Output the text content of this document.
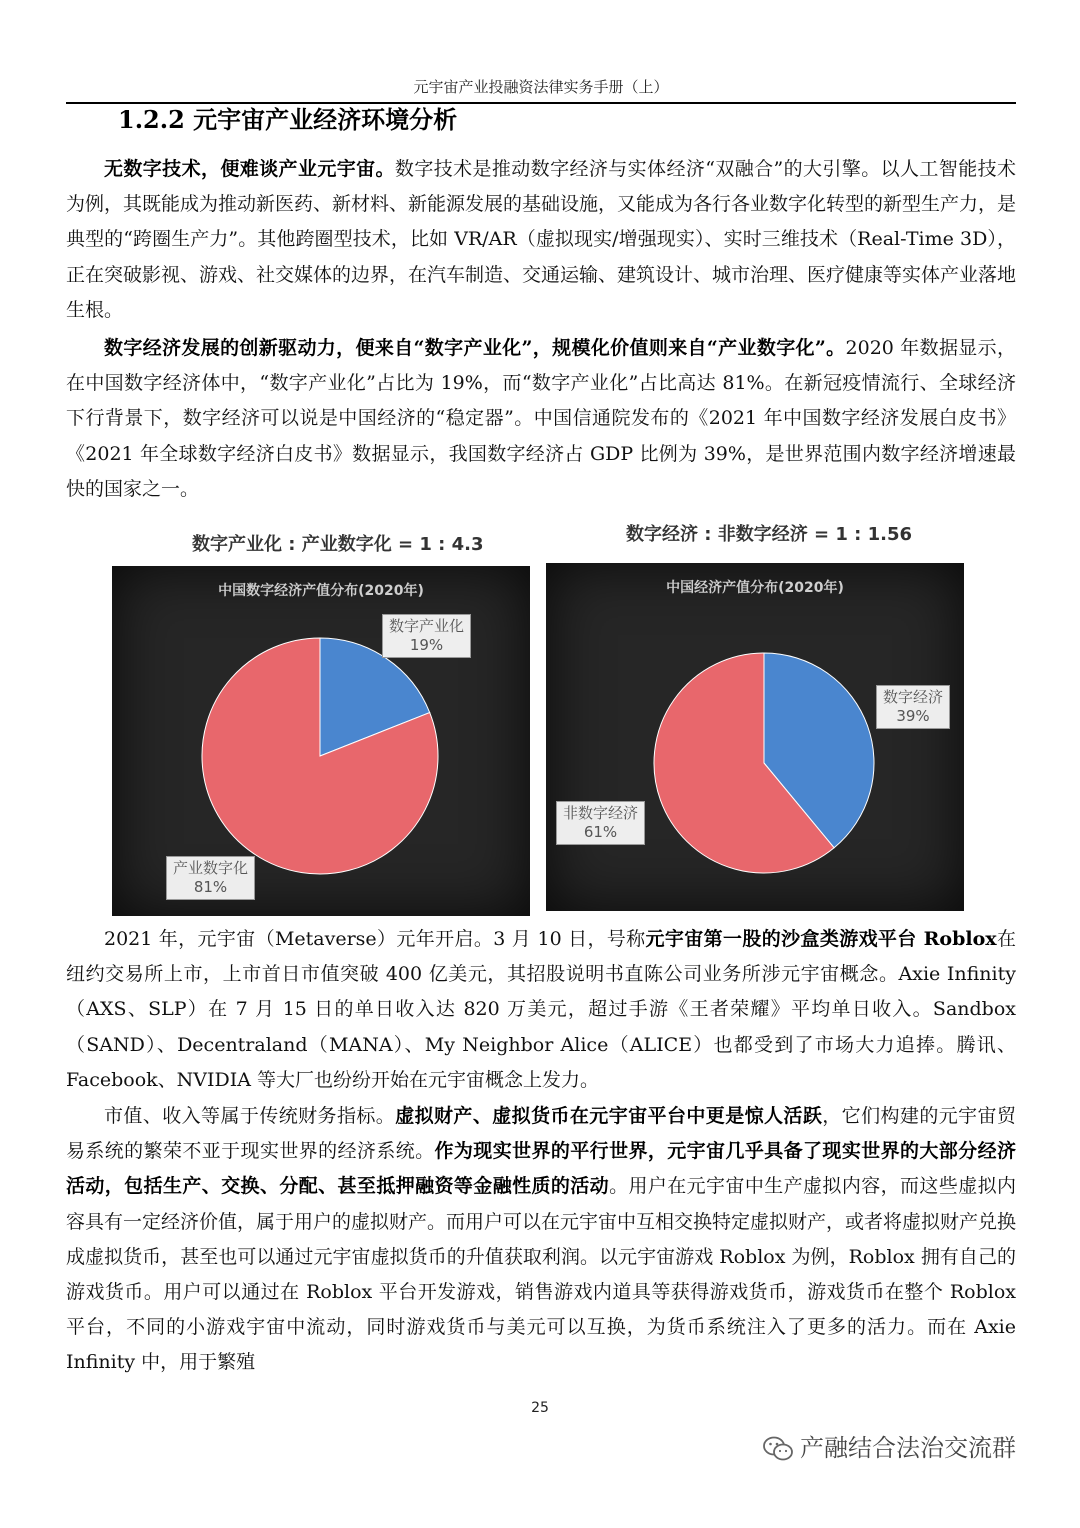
元宇宙产业投融资法律实务手册（上）
1.2.2 元宇宙产业经济环境分析

无数字技术，便难谈产业元宇宙。数字技术是推动数字经济与实体经济“双融合”的大引擎。以人工智能技术为例，其既能成为推动新医药、新材料、新能源发展的基础设施，又能成为各行各业数字化转型的新型生产力，是典型的“跨圈生产力”。其他跨圈型技术，比如 VR/AR（虚拟现实/增强现实）、实时三维技术（Real-Time 3D），正在突破影视、游戏、社交媒体的边界，在汽车制造、交通运输、建筑设计、城市治理、医疗健康等实体产业落地生根。

数字经济发展的创新驱动力，便来自“数字产业化”，规模化价值则来自“产业数字化”。2020 年数据显示，在中国数字经济体中，“数字产业化”占比为 19%，而“数字产业化”占比高达 81%。在新冠疫情流行、全球经济下行背景下，数字经济可以说是中国经济的“稳定器”。中国信通院发布的《2021 年中国数字经济发展白皮书》《2021 年全球数字经济白皮书》数据显示，我国数字经济占 GDP 比例为 39%，是世界范围内数字经济增速最快的国家之一。

数字产业化 : 产业数字化 = 1 : 4.3	数字经济 : 非数字经济 = 1 : 1.56
中国数字经济产值分布(2020年)
数字产业化
19%
产业数字化
81%
中国经济产值分布(2020年)
数字经济
39%
非数字经济
61%

2021 年，元宇宙（Metaverse）元年开启。3 月 10 日，号称元宇宙第一股的沙盒类游戏平台 Roblox在纽约交易所上市，上市首日市值突破 400 亿美元，其招股说明书直陈公司业务所涉元宇宙概念。Axie Infinity（AXS、SLP）在 7 月 15 日的单日收入达 820 万美元，超过手游《王者荣耀》平均单日收入。Sandbox（SAND）、Decentraland（MANA）、My Neighbor Alice（ALICE）也都受到了市场大力追捧。腾讯、Facebook、NVIDIA 等大厂也纷纷开始在元宇宙概念上发力。

市值、收入等属于传统财务指标。虚拟财产、虚拟货币在元宇宙平台中更是惊人活跃，它们构建的元宇宙贸易系统的繁荣不亚于现实世界的经济系统。作为现实世界的平行世界，元宇宙几乎具备了现实世界的大部分经济活动，包括生产、交换、分配、甚至抵押融资等金融性质的活动。用户在元宇宙中生产虚拟内容，而这些虚拟内容具有一定经济价值，属于用户的虚拟财产。而用户可以在元宇宙中互相交换特定虚拟财产，或者将虚拟财产兑换成虚拟货币，甚至也可以通过元宇宙虚拟货币的升值获取利润。以元宇宙游戏 Roblox 为例，Roblox 拥有自己的游戏货币。用户可以通过在 Roblox 平台开发游戏，销售游戏内道具等获得游戏货币，游戏货币在整个 Roblox 平台，不同的小游戏宇宙中流动，同时游戏货币与美元可以互换，为货币系统注入了更多的活力。而在 Axie Infinity 中，用于繁殖

25
产融结合法治交流群
